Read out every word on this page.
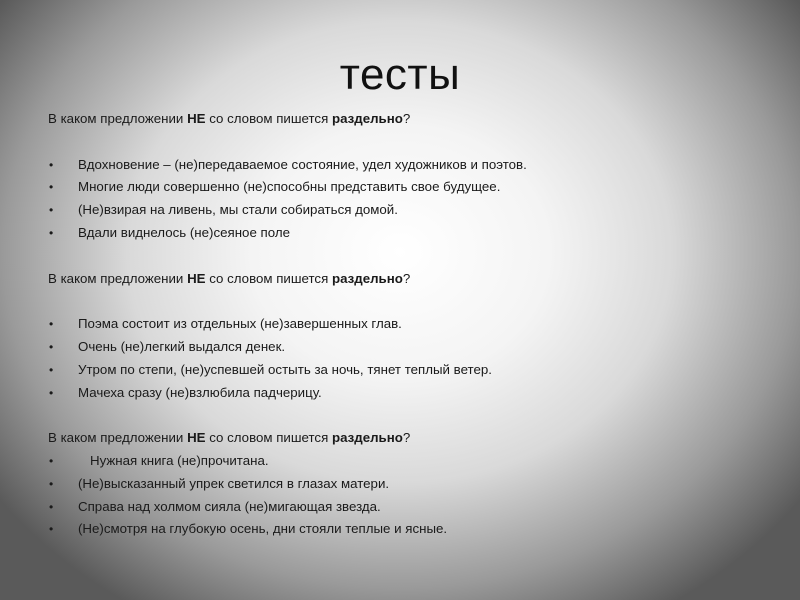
тесты

В каком предложении НЕ со словом пишется раздельно?

• Вдохновение – (не)передаваемое состояние, удел художников и поэтов.
• Многие люди совершенно (не)способны представить свое будущее.
• (Не)взирая на ливень, мы стали собираться домой.
• Вдали виднелось (не)сеяное поле

В каком предложении НЕ со словом пишется раздельно?

• Поэма состоит из отдельных (не)завершенных глав.
• Очень (не)легкий выдался денек.
• Утром по степи, (не)успевшей остыть за ночь, тянет теплый ветер.
• Мачеха сразу (не)взлюбила падчерицу.

В каком предложении НЕ со словом пишется раздельно?

•	Нужная книга (не)прочитана.
• (Не)высказанный упрек светился в глазах матери.
• Справа над холмом сияла (не)мигающая звезда.
• (Не)смотря на глубокую осень, дни стояли теплые и ясные.
